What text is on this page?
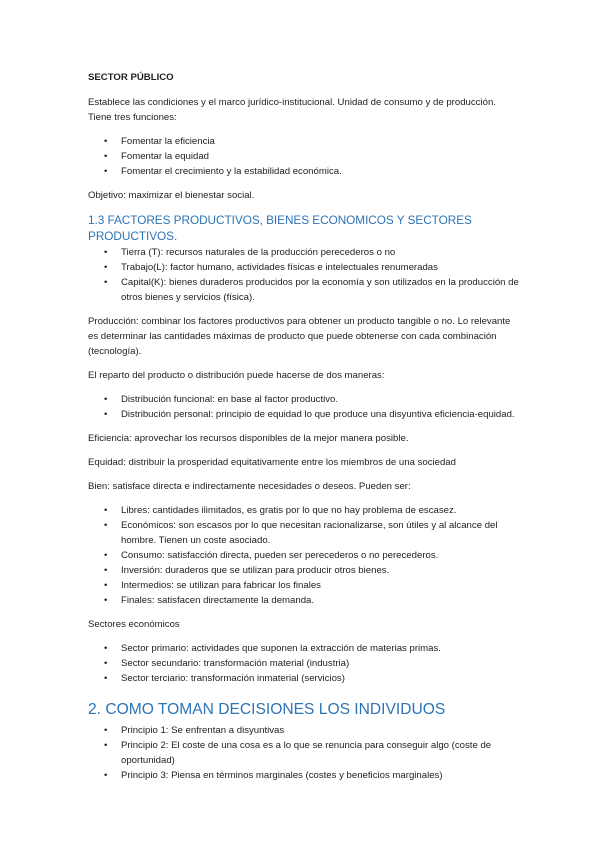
SECTOR PÚBLICO
Establece las condiciones y el marco jurídico-institucional. Unidad de consumo y de producción. Tiene tres funciones:
•	Fomentar la eficiencia
•	Fomentar la equidad
•	Fomentar el crecimiento y la estabilidad económica.
Objetivo: maximizar el bienestar social.
1.3 FACTORES PRODUCTIVOS, BIENES ECONOMICOS Y SECTORES PRODUCTIVOS.
•	Tierra (T): recursos naturales de la producción perecederos o no
•	Trabajo(L): factor humano, actividades físicas e intelectuales renumeradas
•	Capital(K): bienes duraderos producidos por la economía y son utilizados en la producción de otros bienes y servicios (física).
Producción: combinar los factores productivos para obtener un producto tangible o no. Lo relevante es determinar las cantidades máximas de producto que puede obtenerse con cada combinación (tecnología).
El reparto del producto o distribución puede hacerse de dos maneras:
•	Distribución funcional: en base al factor productivo.
•	Distribución personal: principio de equidad lo que produce una disyuntiva eficiencia-equidad.
Eficiencia: aprovechar los recursos disponibles de la mejor manera posible.
Equidad: distribuir la prosperidad equitativamente entre los miembros de una sociedad
Bien: satisface directa e indirectamente necesidades o deseos. Pueden ser:
•	Libres: cantidades ilimitados, es gratis por lo que no hay problema de escasez.
•	Económicos: son escasos por lo que necesitan racionalizarse, son útiles y al alcance del hombre. Tienen un coste asociado.
•	Consumo: satisfacción directa, pueden ser perecederos o no perecederos.
•	Inversión: duraderos que se utilizan para producir otros bienes.
•	Intermedios: se utilizan para fabricar los finales
•	Finales: satisfacen directamente la demanda.
Sectores económicos
•	Sector primario: actividades que suponen la extracción de materias primas.
•	Sector secundario: transformación material (industria)
•	Sector terciario: transformación inmaterial (servicios)
2. COMO TOMAN DECISIONES LOS INDIVIDUOS
•	Principio 1: Se enfrentan a disyuntivas
•	Principio 2: El coste de una cosa es a lo que se renuncia para conseguir algo (coste de oportunidad)
•	Principio 3: Piensa en términos marginales (costes y beneficios marginales)
